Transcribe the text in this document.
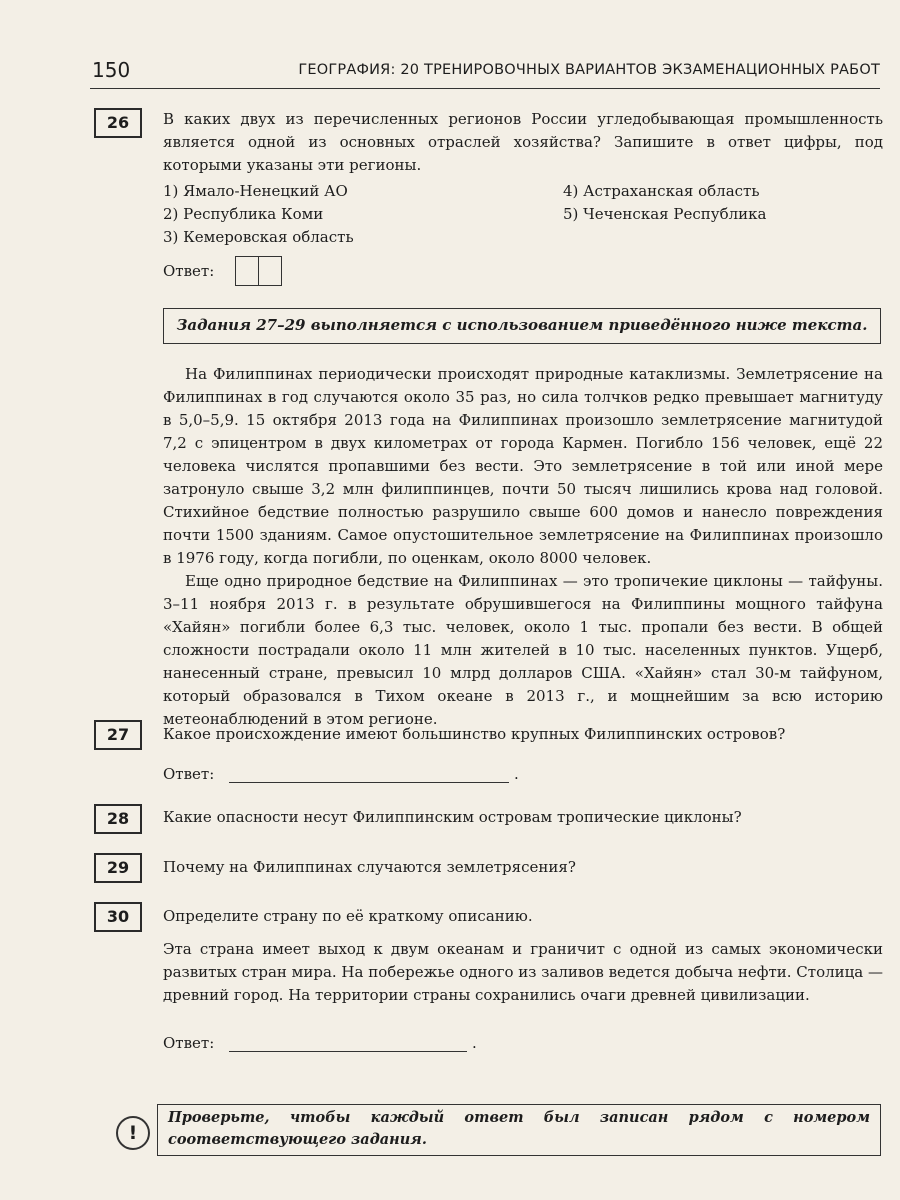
150	ГЕОГРАФИЯ: 20 ТРЕНИРОВОЧНЫХ ВАРИАНТОВ ЭКЗАМЕНАЦИОННЫХ РАБОТ
26	В каких двух из перечисленных регионов России угледобывающая промышленность является одной из основных отраслей хозяйства? Запишите в ответ цифры, под которыми указаны эти регионы.
1) Ямало-Ненецкий АО
2) Республика Коми
3) Кемеровская область
4) Астраханская область
5) Чеченская Республика
Ответ:
Задания 27–29 выполняется с использованием приведённого ниже текста.

На Филиппинах периодически происходят природные катаклизмы. Землетрясение на Филиппинах в год случаются около 35 раз, но сила толчков редко превышает магнитуду в 5,0–5,9. 15 октября 2013 года на Филиппинах произошло землетрясение магнитудой 7,2 с эпицентром в двух километрах от города Кармен. Погибло 156 человек, ещё 22 человека числятся пропавшими без вести. Это землетрясение в той или иной мере затронуло свыше 3,2 млн филиппинцев, почти 50 тысяч лишились крова над головой. Стихийное бедствие полностью разрушило свыше 600 домов и нанесло повреждения почти 1500 зданиям. Самое опустошительное землетрясение на Филиппинах произошло в 1976 году, когда погибли, по оценкам, около 8000 человек.

Еще одно природное бедствие на Филиппинах — это тропичекие циклоны — тайфуны. 3–11 ноября 2013 г. в результате обрушившегося на Филиппины мощного тайфуна «Хайян» погибли более 6,3 тыс. человек, около 1 тыс. пропали без вести. В общей сложности пострадали около 11 млн жителей в 10 тыс. населенных пунктов. Ущерб, нанесенный стране, превысил 10 млрд долларов США. «Хайян» стал 30-м тайфуном, который образовался в Тихом океане в 2013 г., и мощнейшим за всю историю метеонаблюдений в этом регионе.

27	Какое происхождение имеют большинство крупных Филиппинских островов?
Ответ:	.
28	Какие опасности несут Филиппинским островам тропические циклоны?
29	Почему на Филиппинах случаются землетрясения?
30	Определите страну по её краткому описанию.
Эта страна имеет выход к двум океанам и граничит с одной из самых экономически развитых стран мира. На побережье одного из заливов ведется добыча нефти. Столица — древний город. На территории страны сохранились очаги древней цивилизации.
Ответ:	.
!
Проверьте, чтобы каждый ответ был записан рядом с номером соответствующего задания.
